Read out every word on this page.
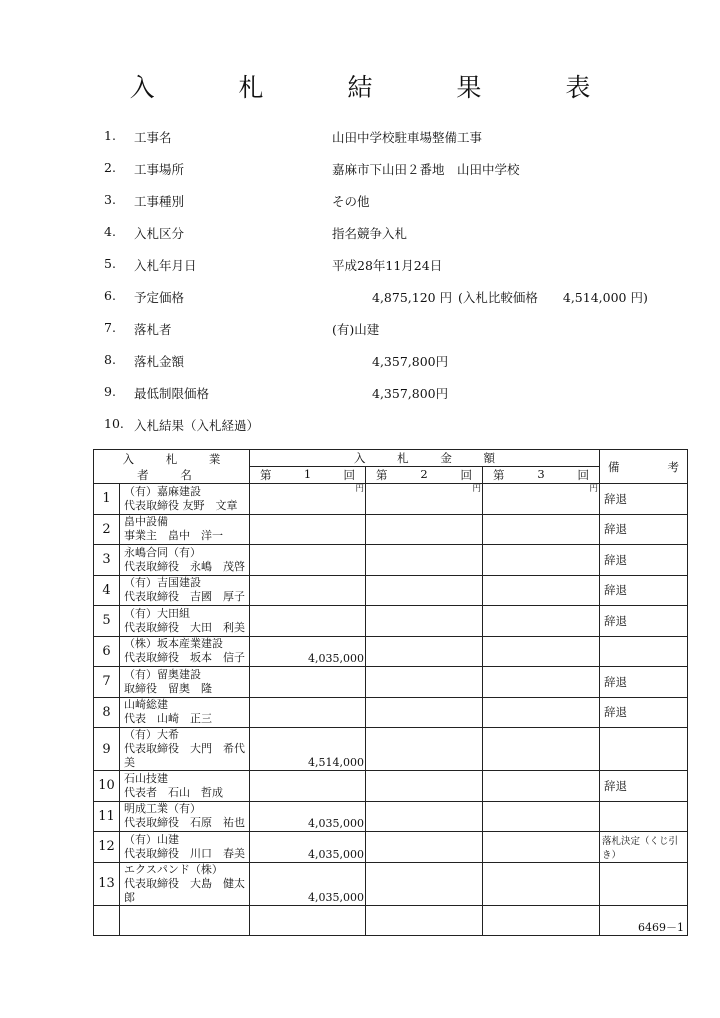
入 札 結 果 表
1.	工事名	山田中学校駐車場整備工事
2.	工事場所	嘉麻市下山田２番地　山田中学校
3.	工事種別	その他
4.	入札区分	指名競争入札
5.	入札年月日	平成28年11月24日
6.	予定価格	4,875,120 円 (入札比較価格　　4,514,000 円)
7.	落札者	(有)山建
8.	落札金額	4,357,800円
9.	最低制限価格	4,357,800円
10. 入札結果（入札経過）
入 札 業 者 名		入 札 金 額			備 考

		第 1 回	第 2 回	第 3 回	

1	（有）嘉麻建設
代表取締役 友野　文章	円	円	円	辞退
2	畠中設備
事業主　畠中　洋一				辞退
3	永嶋合同（有）
代表取締役　永嶋　茂啓				辞退
4	（有）吉国建設
代表取締役　吉國　厚子				辞退
5	（有）大田組
代表取締役　大田　利美				辞退
6	（株）坂本産業建設
代表取締役　坂本　信子	4,035,000			
7	（有）留奥建設
取締役　留奥　隆				辞退
8	山崎総建
代表　山崎　正三				辞退
9	（有）大希
代表取締役　大門　希代美	4,514,000			
10	石山技建
代表者　石山　哲成				辞退
11	明成工業（有）
代表取締役　石原　祐也	4,035,000			
12	（有）山建
代表取締役　川口　春美	4,035,000			落札決定（くじ引き）
13	エクスパンド（株）
代表取締役　大島　健太郎	4,035,000			

6469－1
